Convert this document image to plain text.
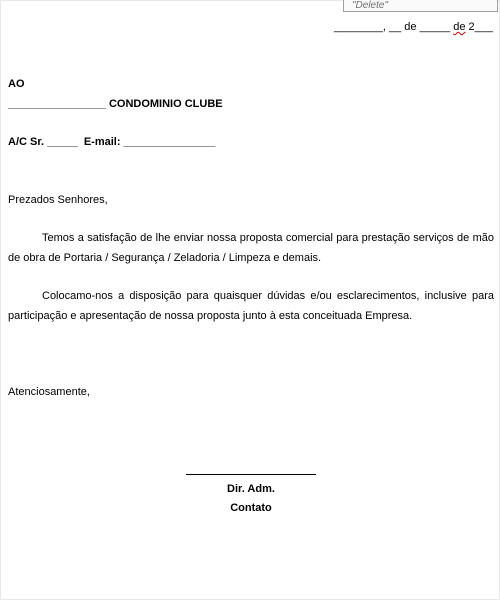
"Delete"
________, __ de _____ de 2___
AO
________________ CONDOMINIO CLUBE
A/C Sr. _____  E-mail: _______________
Prezados Senhores,
Temos a satisfação de lhe enviar nossa proposta comercial para prestação serviços de mão de obra de Portaria / Segurança / Zeladoria / Limpeza e demais.
Colocamo-nos a disposição para quaisquer dúvidas e/ou esclarecimentos, inclusive para participação e apresentação de nossa proposta junto à esta conceituada Empresa.
Atenciosamente,
Dir. Adm.
Contato
